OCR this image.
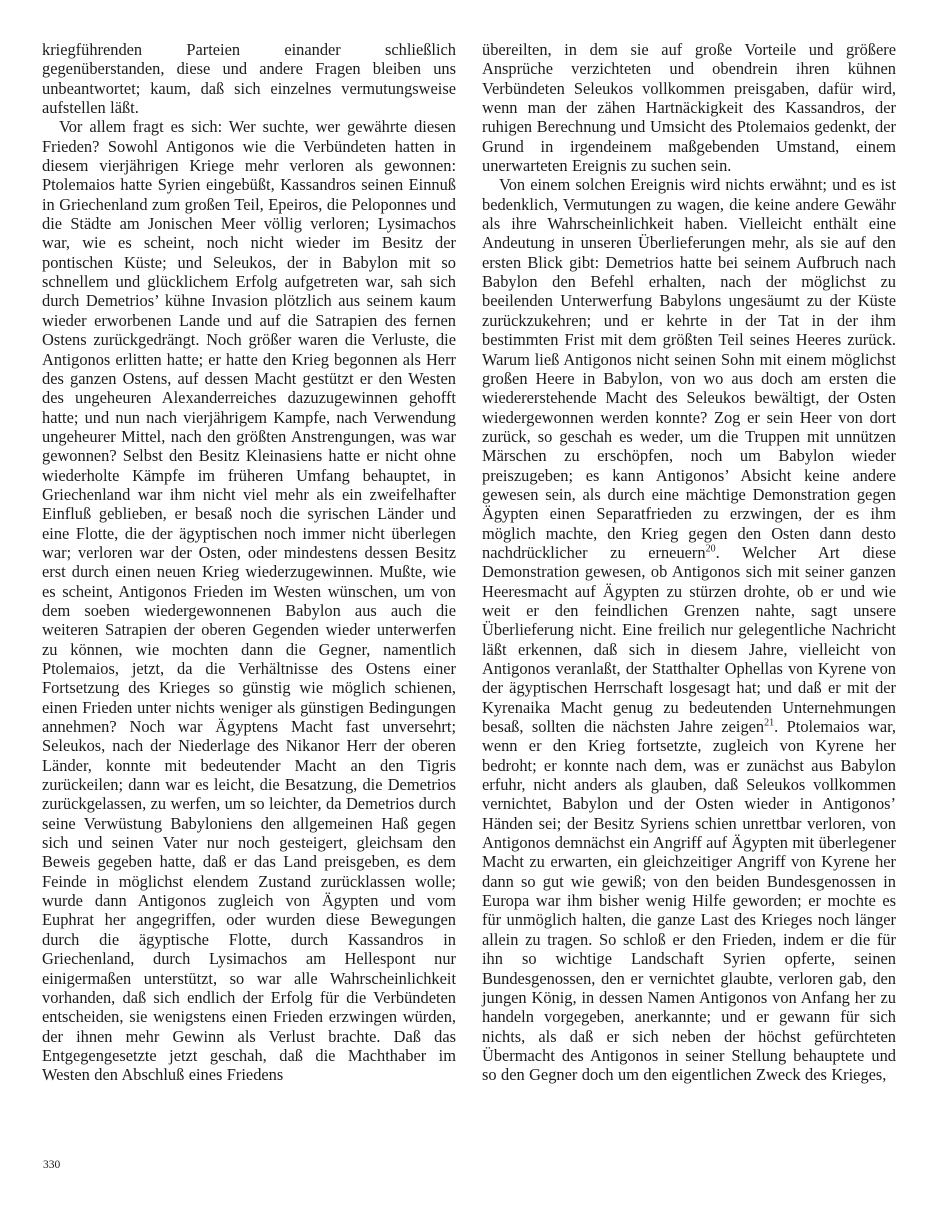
kriegführenden Parteien einander schließlich gegenüberstanden, diese und andere Fragen bleiben uns unbeantwortet; kaum, daß sich einzelnes vermutungsweise aufstellen läßt.

Vor allem fragt es sich: Wer suchte, wer gewährte diesen Frieden? Sowohl Antigonos wie die Verbündeten hatten in diesem vierjährigen Kriege mehr verloren als gewonnen: Ptolemaios hatte Syrien eingebüßt, Kassandros seinen Einnuß in Griechenland zum großen Teil, Epeiros, die Peloponnes und die Städte am Jonischen Meer völlig verloren; Lysimachos war, wie es scheint, noch nicht wieder im Besitz der pontischen Küste; und Seleukos, der in Babylon mit so schnellem und glücklichem Erfolg aufgetreten war, sah sich durch Demetrios’ kühne Invasion plötzlich aus seinem kaum wieder erworbenen Lande und auf die Satrapien des fernen Ostens zurückgedrängt. Noch größer waren die Verluste, die Antigonos erlitten hatte; er hatte den Krieg begonnen als Herr des ganzen Ostens, auf dessen Macht gestützt er den Westen des ungeheuren Alexanderreiches dazuzugewinnen gehofft hatte; und nun nach vierjährigem Kampfe, nach Verwendung ungeheurer Mittel, nach den größten Anstrengungen, was war gewonnen? Selbst den Besitz Kleinasiens hatte er nicht ohne wiederholte Kämpfe im früheren Umfang behauptet, in Griechenland war ihm nicht viel mehr als ein zweifelhafter Einfluß geblieben, er besaß noch die syrischen Länder und eine Flotte, die der ägyptischen noch immer nicht überlegen war; verloren war der Osten, oder mindestens dessen Besitz erst durch einen neuen Krieg wiederzugewinnen. Mußte, wie es scheint, Antigonos Frieden im Westen wünschen, um von dem soeben wiedergewonnenen Babylon aus auch die weiteren Satrapien der oberen Gegenden wieder unterwerfen zu können, wie mochten dann die Gegner, namentlich Ptolemaios, jetzt, da die Verhältnisse des Ostens einer Fortsetzung des Krieges so günstig wie möglich schienen, einen Frieden unter nichts weniger als günstigen Bedingungen annehmen? Noch war Ägyptens Macht fast unversehrt; Seleukos, nach der Niederlage des Nikanor Herr der oberen Länder, konnte mit bedeutender Macht an den Tigris zurückeilen; dann war es leicht, die Besatzung, die Demetrios zurückgelassen, zu werfen, um so leichter, da Demetrios durch seine Verwüstung Babyloniens den allgemeinen Haß gegen sich und seinen Vater nur noch gesteigert, gleichsam den Beweis gegeben hatte, daß er das Land preisgeben, es dem Feinde in möglichst elendem Zustand zurücklassen wolle; wurde dann Antigonos zugleich von Ägypten und vom Euphrat her angegriffen, oder wurden diese Bewegungen durch die ägyptische Flotte, durch Kassandros in Griechenland, durch Lysimachos am Hellespont nur einigermaßen unterstützt, so war alle Wahrscheinlichkeit vorhanden, daß sich endlich der Erfolg für die Verbündeten entscheiden, sie wenigstens einen Frieden erzwingen würden, der ihnen mehr Gewinn als Verlust brachte. Daß das Entgegengesetzte jetzt geschah, daß die Machthaber im Westen den Abschluß eines Friedens

übereilten, in dem sie auf große Vorteile und größere Ansprüche verzichteten und obendrein ihren kühnen Verbündeten Seleukos vollkommen preisgaben, dafür wird, wenn man der zähen Hartnäckigkeit des Kassandros, der ruhigen Berechnung und Umsicht des Ptolemaios gedenkt, der Grund in irgendeinem maßgebenden Umstand, einem unerwarteten Ereignis zu suchen sein.

Von einem solchen Ereignis wird nichts erwähnt; und es ist bedenklich, Vermutungen zu wagen, die keine andere Gewähr als ihre Wahrscheinlichkeit haben. Vielleicht enthält eine Andeutung in unseren Überlieferungen mehr, als sie auf den ersten Blick gibt: Demetrios hatte bei seinem Aufbruch nach Babylon den Befehl erhalten, nach der möglichst zu beeilenden Unterwerfung Babylons ungesäumt zu der Küste zurückzukehren; und er kehrte in der Tat in der ihm bestimmten Frist mit dem größten Teil seines Heeres zurück. Warum ließ Antigonos nicht seinen Sohn mit einem möglichst großen Heere in Babylon, von wo aus doch am ersten die wiedererstehende Macht des Seleukos bewältigt, der Osten wiedergewonnen werden konnte? Zog er sein Heer von dort zurück, so geschah es weder, um die Truppen mit unnützen Märschen zu erschöpfen, noch um Babylon wieder preiszugeben; es kann Antigonos’ Absicht keine andere gewesen sein, als durch eine mächtige Demonstration gegen Ägypten einen Separatfrieden zu erzwingen, der es ihm möglich machte, den Krieg gegen den Osten dann desto nachdrücklicher zu erneuern$^{20}$. Welcher Art diese Demonstration gewesen, ob Antigonos sich mit seiner ganzen Heeresmacht auf Ägypten zu stürzen drohte, ob er und wie weit er den feindlichen Grenzen nahte, sagt unsere Überlieferung nicht. Eine freilich nur gelegentliche Nachricht läßt erkennen, daß sich in diesem Jahre, vielleicht von Antigonos veranlaßt, der Statthalter Ophellas von Kyrene von der ägyptischen Herrschaft losgesagt hat; und daß er mit der Kyrenaika Macht genug zu bedeutenden Unternehmungen besaß, sollten die nächsten Jahre zeigen$^{21}$. Ptolemaios war, wenn er den Krieg fortsetzte, zugleich von Kyrene her bedroht; er konnte nach dem, was er zunächst aus Babylon erfuhr, nicht anders als glauben, daß Seleukos vollkommen vernichtet, Babylon und der Osten wieder in Antigonos’ Händen sei; der Besitz Syriens schien unrettbar verloren, von Antigonos demnächst ein Angriff auf Ägypten mit überlegener Macht zu erwarten, ein gleichzeitiger Angriff von Kyrene her dann so gut wie gewiß; von den beiden Bundesgenossen in Europa war ihm bisher wenig Hilfe geworden; er mochte es für unmöglich halten, die ganze Last des Krieges noch länger allein zu tragen. So schloß er den Frieden, indem er die für ihn so wichtige Landschaft Syrien opferte, seinen Bundesgenossen, den er vernichtet glaubte, verloren gab, den jungen König, in dessen Namen Antigonos von Anfang her zu handeln vorgegeben, anerkannte; und er gewann für sich nichts, als daß er sich neben der höchst gefürchteten Übermacht des Antigonos in seiner Stellung behauptete und so den Gegner doch um den eigentlichen Zweck des Krieges,

330
